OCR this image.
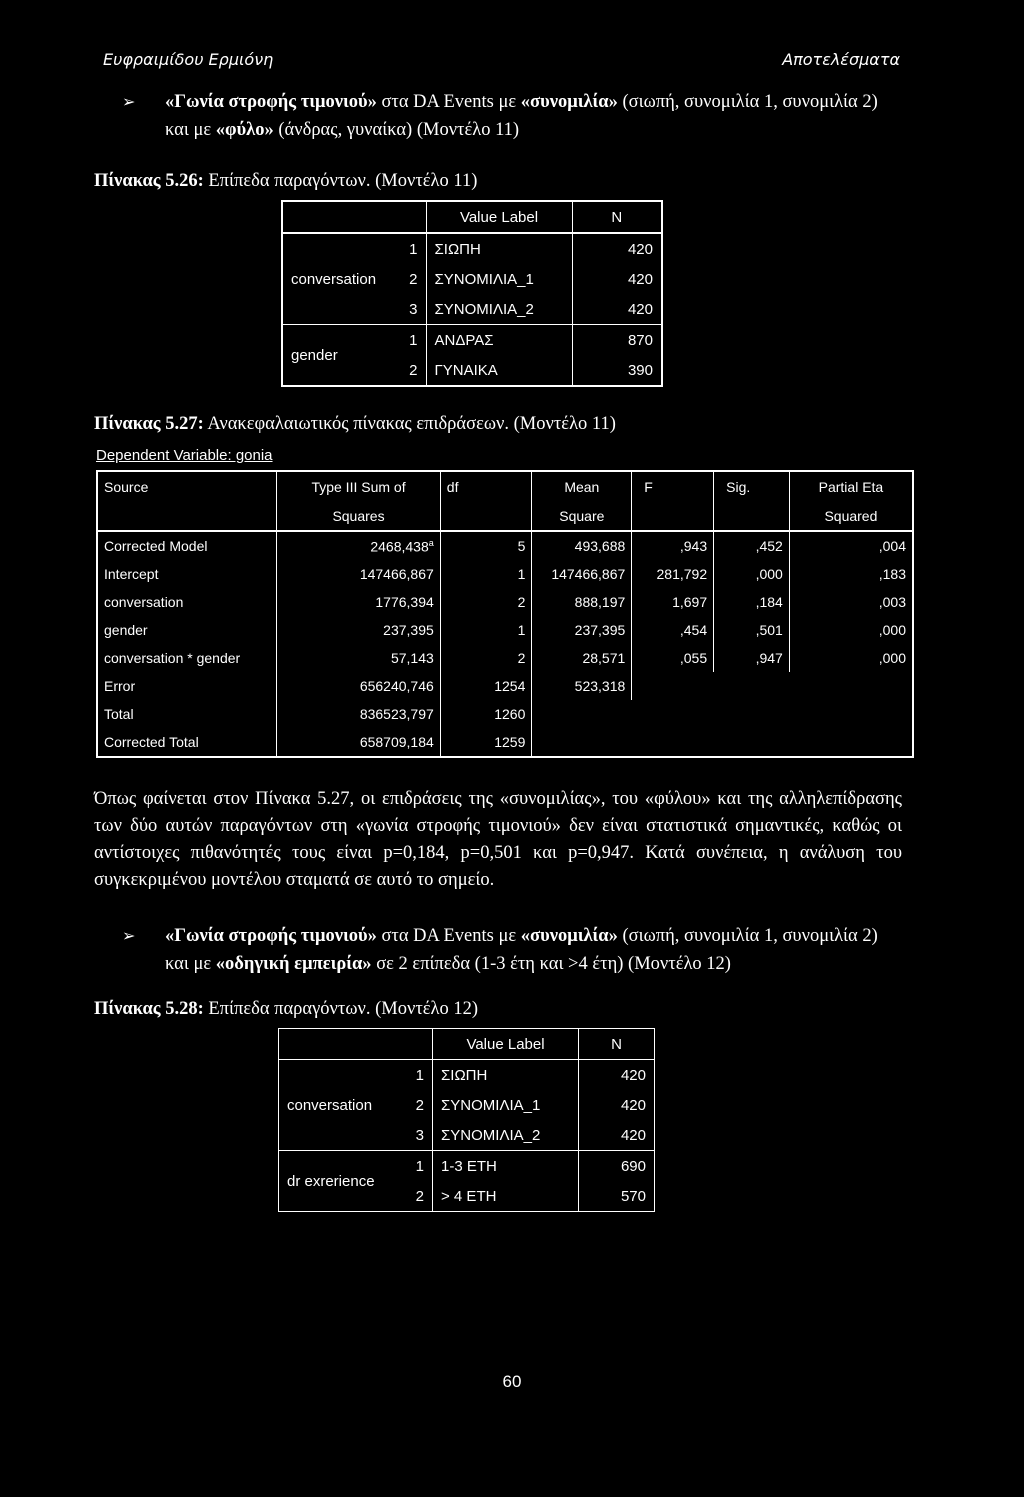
Ευφραιμίδου Ερμιόνη	Αποτελέσματα
➢ «Γωνία στροφής τιμονιού» στα DA Events με «συνομιλία» (σιωπή, συνομιλία 1, συνομιλία 2) και με «φύλο» (άνδρας, γυναίκα) (Μοντέλο 11)
Πίνακας 5.26: Επίπεδα παραγόντων. (Μοντέλο 11)
		Value Label	N
	1	ΣΙΩΠΗ	420
conversation	2	ΣΥΝΟΜΙΛΙΑ_1	420
	3	ΣΥΝΟΜΙΛΙΑ_2	420
gender	1	ΑΝΔΡΑΣ	870
	2	ΓΥΝΑΙΚΑ	390
Πίνακας 5.27: Ανακεφαλαιωτικός πίνακας επιδράσεων. (Μοντέλο 11)
Dependent Variable: gonia
Source	Type III Sum of	df	Mean	F	Sig.	Partial Eta
	Squares		Square			Squared
Corrected Model	2468,438$^a$	5	493,688	,943	,452	,004
Intercept	147466,867	1	147466,867	281,792	,000	,183
conversation	1776,394	2	888,197	1,697	,184	,003
gender	237,395	1	237,395	,454	,501	,000
conversation * gender	57,143	2	28,571	,055	,947	,000
Error	656240,746	1254	523,318			
Total	836523,797	1260				
Corrected Total	658709,184	1259				
Όπως φαίνεται στον Πίνακα 5.27, οι επιδράσεις της «συνομιλίας», του «φύλου» και της αλληλεπίδρασης των δύο αυτών παραγόντων στη «γωνία στροφής τιμονιού» δεν είναι στατιστικά σημαντικές, καθώς οι αντίστοιχες πιθανότητές τους είναι p=0,184, p=0,501 και p=0,947. Κατά συνέπεια, η ανάλυση του συγκεκριμένου μοντέλου σταματά σε αυτό το σημείο.
➢ «Γωνία στροφής τιμονιού» στα DA Events με «συνομιλία» (σιωπή, συνομιλία 1, συνομιλία 2) και με «οδηγική εμπειρία» σε 2 επίπεδα (1-3 έτη και >4 έτη) (Μοντέλο 12)
Πίνακας 5.28: Επίπεδα παραγόντων. (Μοντέλο 12)
		Value Label	N
	1	ΣΙΩΠΗ	420
conversation	2	ΣΥΝΟΜΙΛΙΑ_1	420
	3	ΣΥΝΟΜΙΛΙΑ_2	420
dr exrerience	1	1-3 ΕΤΗ	690
	2	> 4 ΕΤΗ	570
60
